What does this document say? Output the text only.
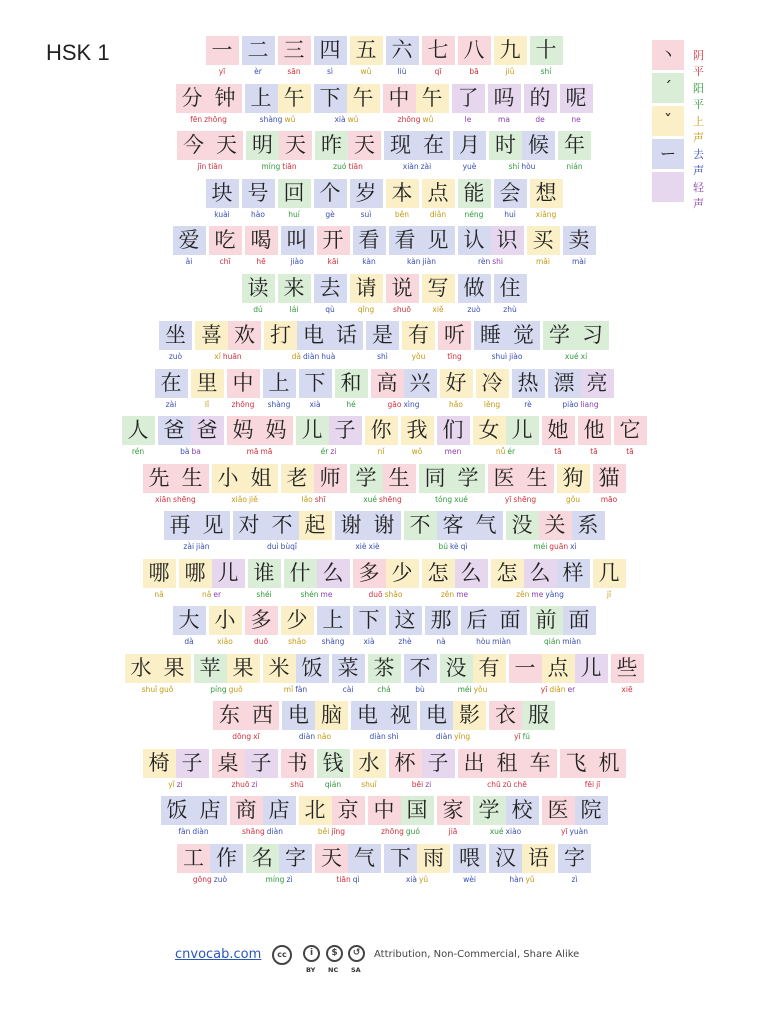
HSK 1	一
yī
二
èr
三
sān
四
sì
五
wǔ
六
liù
七
qī
八
bā
九
jiǔ
十
shí
分 钟
fēn zhōng
上 午
shàng wǔ
下 午
xià wǔ
中 午
zhōng wǔ
了
le
吗
ma
的
de
呢
ne
今 天
jīn tiān
明 天
míng tiān
昨 天
zuó tiān
现 在
xiàn zài
月
yuè
时 候
shí hòu
年
nián
块
kuài
号
hào
回
huí
个
gè
岁
suì
本
běn
点
diǎn
能
néng
会
huì
想
xiǎng
爱
ài
吃
chī
喝
hē
叫
jiào
开
kāi
看
kàn
看 见
kàn jiàn
认 识
rèn shi
买
mǎi
卖
mài
读
dú
来
lái
去
qù
请
qǐng
说
shuō
写
xiě
做
zuò
住
zhù
坐
zuò
喜 欢
xǐ huān
打 电 话
dǎ diàn huà
是
shì
有
yǒu
听
tīng
睡 觉
shuì jiào
学 习
xué xí
在
zài
里
lǐ
中
zhōng
上
shàng
下
xià
和
hé
高 兴
gāo xìng
好
hǎo
冷
lěng
热
rè
漂 亮
piào liang
人
rén
爸 爸
bà ba
妈 妈
mā mā
儿 子
ér zi
你
nǐ
我
wǒ
们
men
女 儿
nǚ ér
她
tā
他
tā
它
tā
先 生
xiān shēng
小 姐
xiǎo jiě
老 师
lǎo shī
学 生
xué shēng
同 学
tóng xué
医 生
yī shēng
狗
gǒu
猫
māo
再 见
zài jiàn
对 不 起
duì bùqǐ
谢 谢
xiè xiè
不 客 气
bú kè qì
没 关 系
méi guān xì
哪
nǎ
哪 儿
nǎ er
谁
shéi
什 么
shén me
多 少
duō shǎo
怎 么
zěn me
怎 么 样
zěn me yàng
几
jǐ
大
dà
小
xiǎo
多
duō
少
shǎo
上
shàng
下
xià
这
zhè
那
nà
后 面
hòu miàn
前 面
qián miàn
水 果
shuǐ guǒ
苹 果
píng guǒ
米 饭
mǐ fàn
菜
cài
茶
chá
不
bù
没 有
méi yǒu
一 点 儿
yī diǎn er
些
xiē
东 西
dōng xī
电 脑
diàn nǎo
电 视
diàn shì
电 影
diàn yǐng
衣 服
yī fú
椅 子
yǐ zi
桌 子
zhuō zi
书
shū
钱
qián
水
shuǐ
杯 子
bēi zi
出 租 车
chū zū chē
飞 机
fēi jī
饭 店
fàn diàn
商 店
shāng diàn
北 京
běi jīng
中 国
zhōng guó
家
jiā
学 校
xué xiào
医 院
yī yuàn
工 作
gōng zuò
名 字
míng zì
天 气
tiān qì
下 雨
xià yǔ
喂
wèi
汉 语
hàn yǔ
字
zì
丶	阴平
ˊ	阳平
ˇ	上声
ー	去声
轻声
cnvocab.com	cc	i	$	↺
BY NC SA
Attribution, Non-Commercial, Share Alike
